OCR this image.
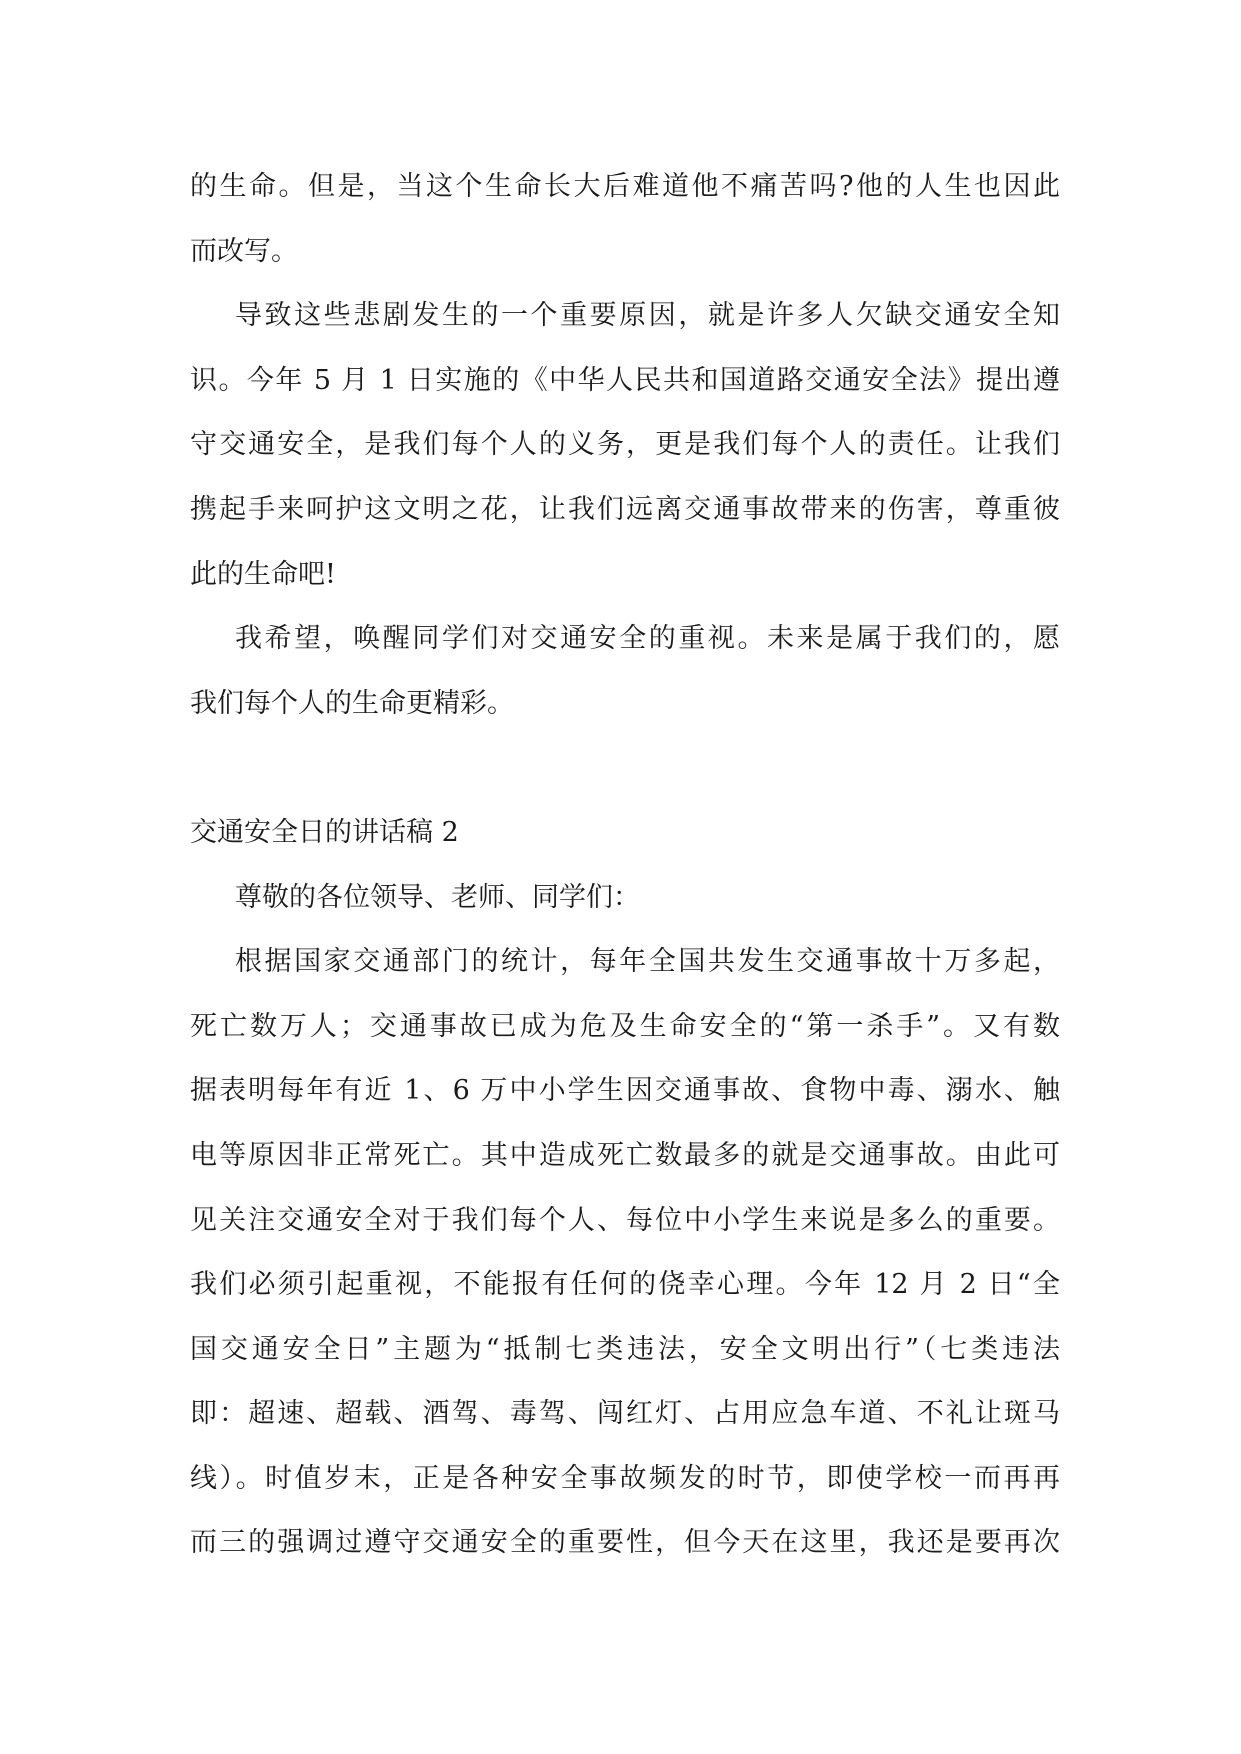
的生命。但是，当这个生命长大后难道他不痛苦吗?他的人生也因此
而改写。
导致这些悲剧发生的一个重要原因，就是许多人欠缺交通安全知
识。今年 5 月 1 日实施的《中华人民共和国道路交通安全法》提出遵
守交通安全，是我们每个人的义务，更是我们每个人的责任。让我们
携起手来呵护这文明之花，让我们远离交通事故带来的伤害，尊重彼
此的生命吧!
我希望，唤醒同学们对交通安全的重视。未来是属于我们的，愿
我们每个人的生命更精彩。
交通安全日的讲话稿 2
尊敬的各位领导、老师、同学们：
根据国家交通部门的统计，每年全国共发生交通事故十万多起，
死亡数万人；交通事故已成为危及生命安全的“第一杀手”。又有数
据表明每年有近 1、6 万中小学生因交通事故、食物中毒、溺水、触
电等原因非正常死亡。其中造成死亡数最多的就是交通事故。由此可
见关注交通安全对于我们每个人、每位中小学生来说是多么的重要。
我们必须引起重视，不能报有任何的侥幸心理。今年 12 月 2 日“全
国交通安全日”主题为“抵制七类违法，安全文明出行”（七类违法
即：超速、超载、酒驾、毒驾、闯红灯、占用应急车道、不礼让斑马
线）。时值岁末，正是各种安全事故频发的时节，即使学校一而再再
而三的强调过遵守交通安全的重要性，但今天在这里，我还是要再次
